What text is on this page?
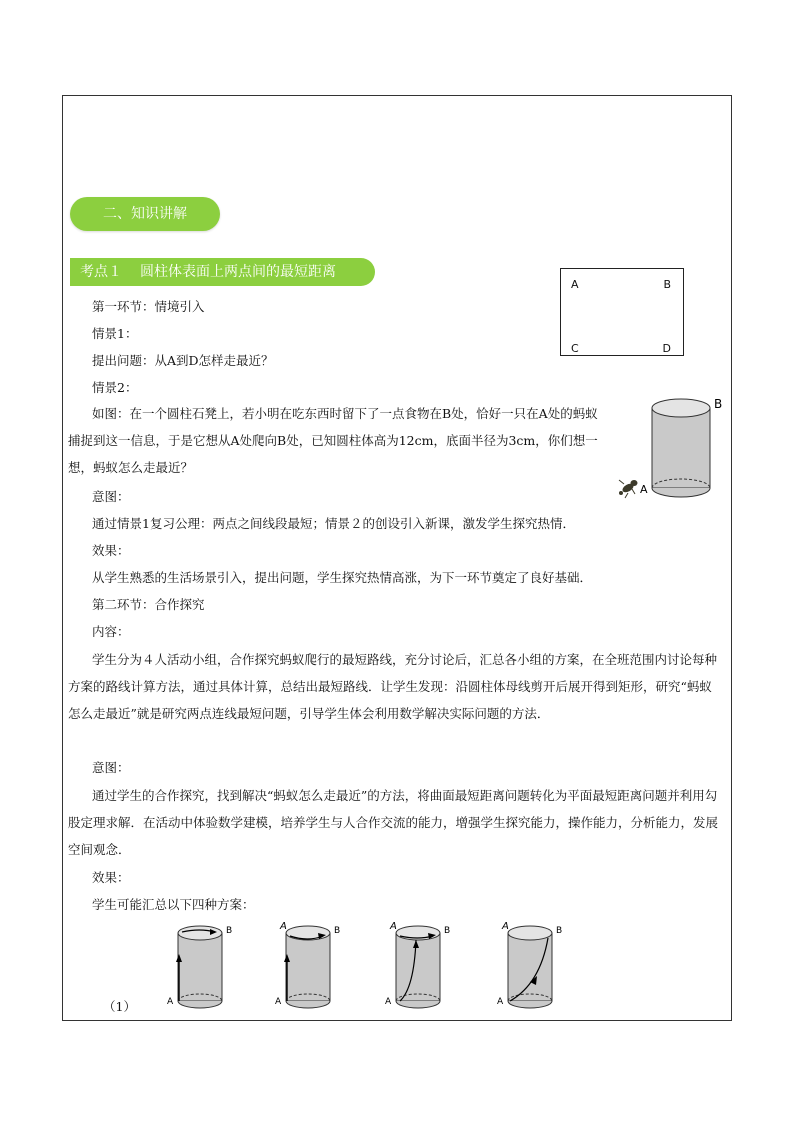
二、知识讲解
考点１ 圆柱体表面上两点间的最短距离
A	B
C	D
B
A
第一环节：情境引入
情景1：
提出问题：从A到D怎样走最近？
情景2：
如图：在一个圆柱石凳上，若小明在吃东西时留下了一点食物在B处，恰好一只在A处的蚂蚁捕捉到这一信息，于是它想从A处爬向B处，已知圆柱体高为12cm，底面半径为3cm，你们想一想，蚂蚁怎么走最近？
意图：
通过情景1复习公理：两点之间线段最短；情景２的创设引入新课，激发学生探究热情．
效果：
从学生熟悉的生活场景引入，提出问题，学生探究热情高涨，为下一环节奠定了良好基础．
第二环节：合作探究
内容：
学生分为４人活动小组，合作探究蚂蚁爬行的最短路线，充分讨论后，汇总各小组的方案，在全班范围内讨论每种方案的路线计算方法，通过具体计算，总结出最短路线．让学生发现：沿圆柱体母线剪开后展开得到矩形，研究“蚂蚁怎么走最近”就是研究两点连线最短问题，引导学生体会利用数学解决实际问题的方法．
意图：
通过学生的合作探究，找到解决“蚂蚁怎么走最近”的方法，将曲面最短距离问题转化为平面最短距离问题并利用勾股定理求解．在活动中体验数学建模，培养学生与人合作交流的能力，增强学生探究能力，操作能力，分析能力，发展空间观念．
效果：
学生可能汇总以下四种方案：
（1）
B
A
A	B
A
A	B
A
A	B
A
